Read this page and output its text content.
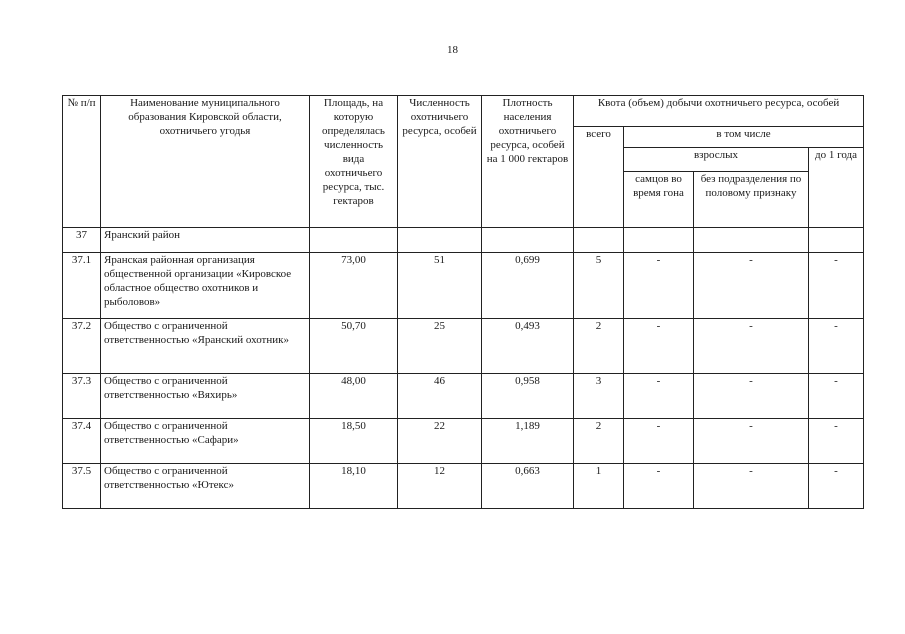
18
№ п/п	Наименование муниципального образования Кировской области, охотничьего угодья	Площадь, на которую определялась численность вида охотничьего ресурса, тыс. гектаров	Численность охотничьего ресурса, особей	Плотность населения охотничьего ресурса, особей на 1 000 гектаров	Квота (объем) добычи охотничьего ресурса, особей			
					всего	в том числе		
						взрослых		до 1 года
						самцов во время гона	без подразделения по половому признаку	
37	Яранский район							
37.1	Яранская районная организация общественной организации «Кировское областное общество охотников и рыболовов»	73,00	51	0,699	5	-	-	-
37.2	Общество с ограниченной ответственностью «Яранский охотник»	50,70	25	0,493	2	-	-	-
37.3	Общество с ограниченной ответственностью «Вяхирь»	48,00	46	0,958	3	-	-	-
37.4	Общество с ограниченной ответственностью «Сафари»	18,50	22	1,189	2	-	-	-
37.5	Общество с ограниченной ответственностью «Ютекс»	18,10	12	0,663	1	-	-	-
